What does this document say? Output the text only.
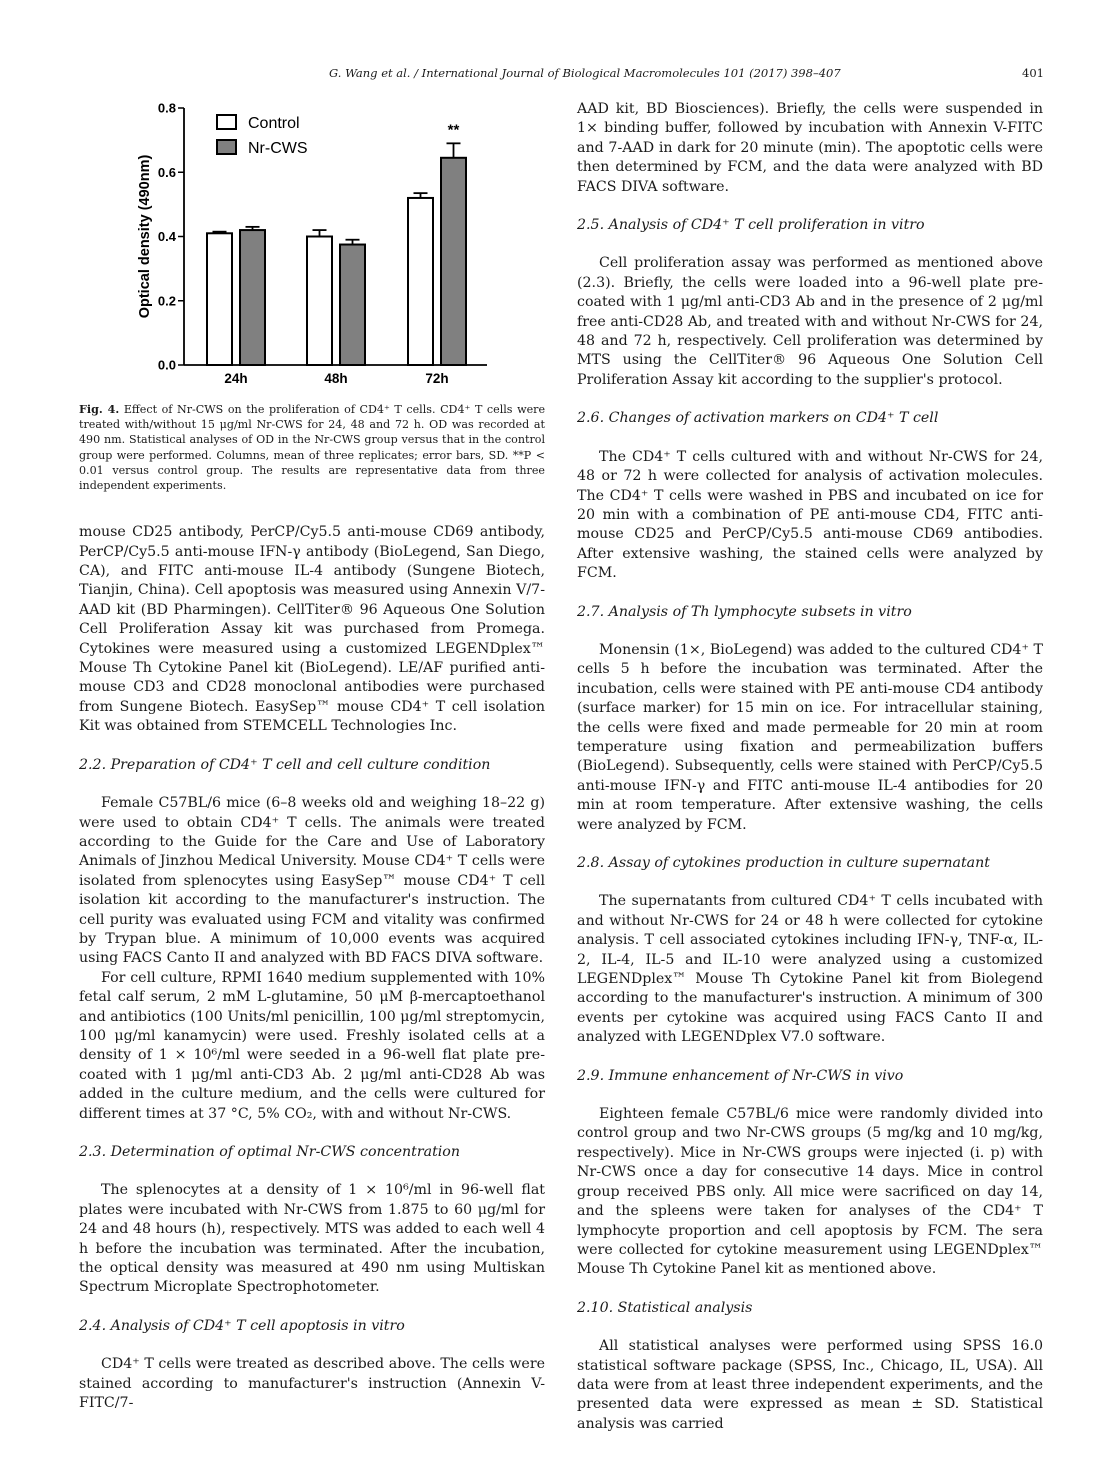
G. Wang et al. / International Journal of Biological Macromolecules 101 (2017) 398–407	401
0.0
0.2
0.4
0.6
0.8
Optical density (490nm)
24h	48h	72h
**
Control
Nr-CWS

Fig. 4. Effect of Nr-CWS on the proliferation of CD4⁺ T cells. CD4⁺ T cells were treated with/without 15 μg/ml Nr-CWS for 24, 48 and 72 h. OD was recorded at 490 nm. Statistical analyses of OD in the Nr-CWS group versus that in the control group were performed. Columns, mean of three replicates; error bars, SD. **P < 0.01 versus control group. The results are representative data from three independent experiments.

mouse CD25 antibody, PerCP/Cy5.5 anti-mouse CD69 antibody, PerCP/Cy5.5 anti-mouse IFN-γ antibody (BioLegend, San Diego, CA), and FITC anti-mouse IL-4 antibody (Sungene Biotech, Tianjin, China). Cell apoptosis was measured using Annexin V/7-AAD kit (BD Pharmingen). CellTiter® 96 Aqueous One Solution Cell Proliferation Assay kit was purchased from Promega. Cytokines were measured using a customized LEGENDplex™ Mouse Th Cytokine Panel kit (BioLegend). LE/AF purified anti-mouse CD3 and CD28 monoclonal antibodies were purchased from Sungene Biotech. EasySep™ mouse CD4⁺ T cell isolation Kit was obtained from STEMCELL Technologies Inc.

2.2. Preparation of CD4⁺ T cell and cell culture condition

Female C57BL/6 mice (6–8 weeks old and weighing 18–22 g) were used to obtain CD4⁺ T cells. The animals were treated according to the Guide for the Care and Use of Laboratory Animals of Jinzhou Medical University. Mouse CD4⁺ T cells were isolated from splenocytes using EasySep™ mouse CD4⁺ T cell isolation kit according to the manufacturer's instruction. The cell purity was evaluated using FCM and vitality was confirmed by Trypan blue. A minimum of 10,000 events was acquired using FACS Canto II and analyzed with BD FACS DIVA software.

For cell culture, RPMI 1640 medium supplemented with 10% fetal calf serum, 2 mM L-glutamine, 50 μM β-mercaptoethanol and antibiotics (100 Units/ml penicillin, 100 μg/ml streptomycin, 100 μg/ml kanamycin) were used. Freshly isolated cells at a density of 1 × 10⁶/ml were seeded in a 96-well flat plate pre-coated with 1 μg/ml anti-CD3 Ab. 2 μg/ml anti-CD28 Ab was added in the culture medium, and the cells were cultured for different times at 37 °C, 5% CO₂, with and without Nr-CWS.

2.3. Determination of optimal Nr-CWS concentration

The splenocytes at a density of 1 × 10⁶/ml in 96-well flat plates were incubated with Nr-CWS from 1.875 to 60 μg/ml for 24 and 48 hours (h), respectively. MTS was added to each well 4 h before the incubation was terminated. After the incubation, the optical density was measured at 490 nm using Multiskan Spectrum Microplate Spectrophotometer.

2.4. Analysis of CD4⁺ T cell apoptosis in vitro

CD4⁺ T cells were treated as described above. The cells were stained according to manufacturer's instruction (Annexin V-FITC/7-

AAD kit, BD Biosciences). Briefly, the cells were suspended in 1× binding buffer, followed by incubation with Annexin V-FITC and 7-AAD in dark for 20 minute (min). The apoptotic cells were then determined by FCM, and the data were analyzed with BD FACS DIVA software.

2.5. Analysis of CD4⁺ T cell proliferation in vitro

Cell proliferation assay was performed as mentioned above (2.3). Briefly, the cells were loaded into a 96-well plate pre-coated with 1 μg/ml anti-CD3 Ab and in the presence of 2 μg/ml free anti-CD28 Ab, and treated with and without Nr-CWS for 24, 48 and 72 h, respectively. Cell proliferation was determined by MTS using the CellTiter® 96 Aqueous One Solution Cell Proliferation Assay kit according to the supplier's protocol.

2.6. Changes of activation markers on CD4⁺ T cell

The CD4⁺ T cells cultured with and without Nr-CWS for 24, 48 or 72 h were collected for analysis of activation molecules. The CD4⁺ T cells were washed in PBS and incubated on ice for 20 min with a combination of PE anti-mouse CD4, FITC anti-mouse CD25 and PerCP/Cy5.5 anti-mouse CD69 antibodies. After extensive washing, the stained cells were analyzed by FCM.

2.7. Analysis of Th lymphocyte subsets in vitro

Monensin (1×, BioLegend) was added to the cultured CD4⁺ T cells 5 h before the incubation was terminated. After the incubation, cells were stained with PE anti-mouse CD4 antibody (surface marker) for 15 min on ice. For intracellular staining, the cells were fixed and made permeable for 20 min at room temperature using fixation and permeabilization buffers (BioLegend). Subsequently, cells were stained with PerCP/Cy5.5 anti-mouse IFN-γ and FITC anti-mouse IL-4 antibodies for 20 min at room temperature. After extensive washing, the cells were analyzed by FCM.

2.8. Assay of cytokines production in culture supernatant

The supernatants from cultured CD4⁺ T cells incubated with and without Nr-CWS for 24 or 48 h were collected for cytokine analysis. T cell associated cytokines including IFN-γ, TNF-α, IL-2, IL-4, IL-5 and IL-10 were analyzed using a customized LEGENDplex™ Mouse Th Cytokine Panel kit from Biolegend according to the manufacturer's instruction. A minimum of 300 events per cytokine was acquired using FACS Canto II and analyzed with LEGENDplex V7.0 software.

2.9. Immune enhancement of Nr-CWS in vivo

Eighteen female C57BL/6 mice were randomly divided into control group and two Nr-CWS groups (5 mg/kg and 10 mg/kg, respectively). Mice in Nr-CWS groups were injected (i. p) with Nr-CWS once a day for consecutive 14 days. Mice in control group received PBS only. All mice were sacrificed on day 14, and the spleens were taken for analyses of the CD4⁺ T lymphocyte proportion and cell apoptosis by FCM. The sera were collected for cytokine measurement using LEGENDplex™ Mouse Th Cytokine Panel kit as mentioned above.

2.10. Statistical analysis

All statistical analyses were performed using SPSS 16.0 statistical software package (SPSS, Inc., Chicago, IL, USA). All data were from at least three independent experiments, and the presented data were expressed as mean ± SD. Statistical analysis was carried
